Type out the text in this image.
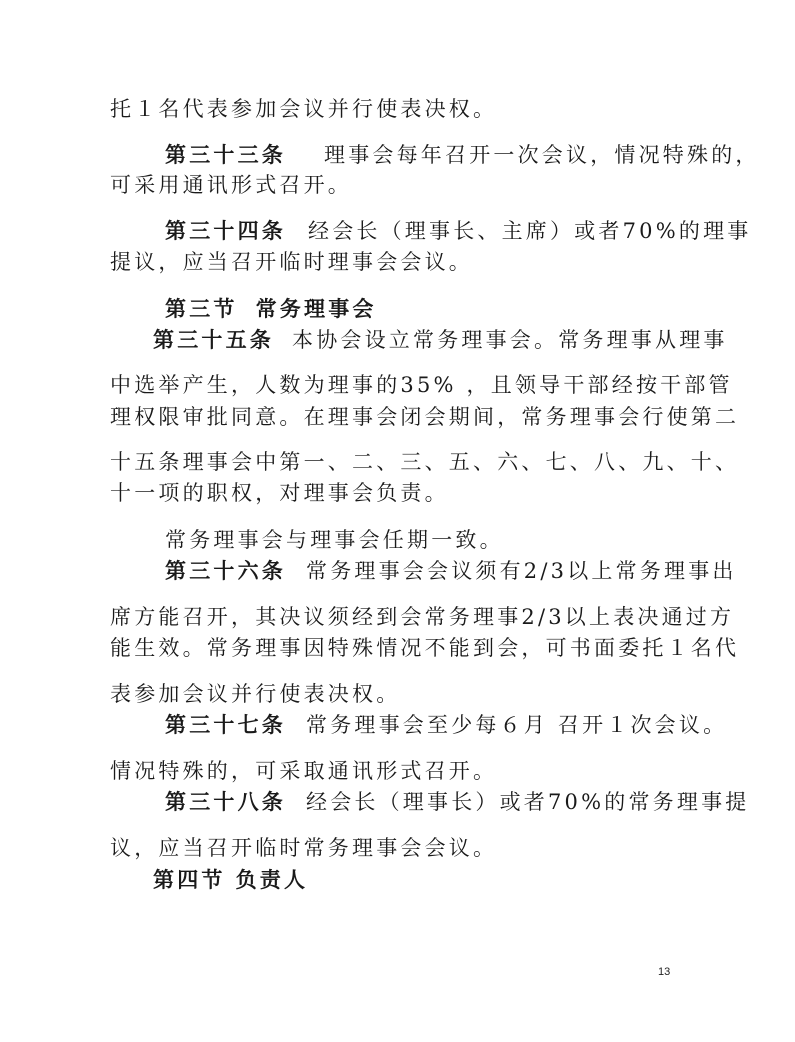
托１名代表参加会议并行使表决权。
第三十三条 理事会每年召开一次会议，情况特殊的，
可采用通讯形式召开。
第三十四条 经会长（理事长、主席）或者70%的理事
提议，应当召开临时理事会会议。
第三节 常务理事会
第三十五条 本协会设立常务理事会。常务理事从理事
中选举产生，人数为理事的35% ，且领导干部经按干部管
理权限审批同意。在理事会闭会期间，常务理事会行使第二
十五条理事会中第一、二、三、五、六、七、八、九、十、
十一项的职权，对理事会负责。
常务理事会与理事会任期一致。
第三十六条 常务理事会会议须有2/3以上常务理事出
席方能召开，其决议须经到会常务理事2/3以上表决通过方
能生效。常务理事因特殊情况不能到会，可书面委托１名代
表参加会议并行使表决权。
第三十七条 常务理事会至少每６月 召开１次会议。
情况特殊的，可采取通讯形式召开。
第三十八条 经会长（理事长）或者70%的常务理事提
议，应当召开临时常务理事会会议。
第四节 负责人
13
